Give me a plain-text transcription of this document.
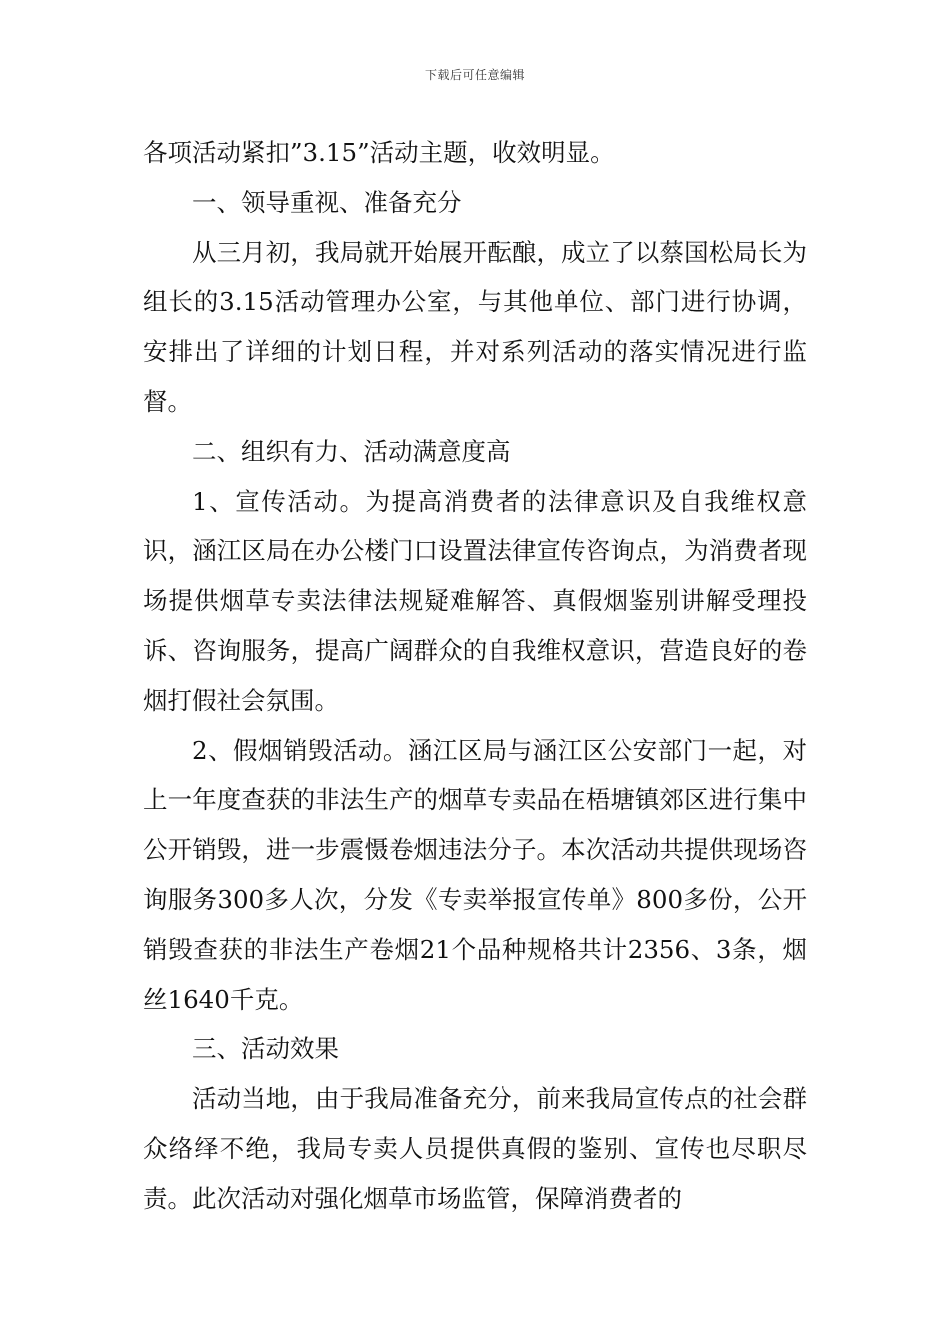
下载后可任意编辑

各项活动紧扣”3.15”活动主题，收效明显。

一、领导重视、准备充分

从三月初，我局就开始展开酝酿，成立了以蔡国松局长为组长的3.15活动管理办公室，与其他单位、部门进行协调，安排出了详细的计划日程，并对系列活动的落实情况进行监督。

二、组织有力、活动满意度高

1、宣传活动。为提高消费者的法律意识及自我维权意识，涵江区局在办公楼门口设置法律宣传咨询点，为消费者现场提供烟草专卖法律法规疑难解答、真假烟鉴别讲解受理投诉、咨询服务，提高广阔群众的自我维权意识，营造良好的卷烟打假社会氛围。

2、假烟销毁活动。涵江区局与涵江区公安部门一起，对上一年度查获的非法生产的烟草专卖品在梧塘镇郊区进行集中公开销毁，进一步震慑卷烟违法分子。本次活动共提供现场咨询服务300多人次，分发《专卖举报宣传单》800多份，公开销毁查获的非法生产卷烟21个品种规格共计2356、3条，烟丝1640千克。

三、活动效果

活动当地，由于我局准备充分，前来我局宣传点的社会群众络绎不绝，我局专卖人员提供真假的鉴别、宣传也尽职尽责。此次活动对强化烟草市场监管，保障消费者的
